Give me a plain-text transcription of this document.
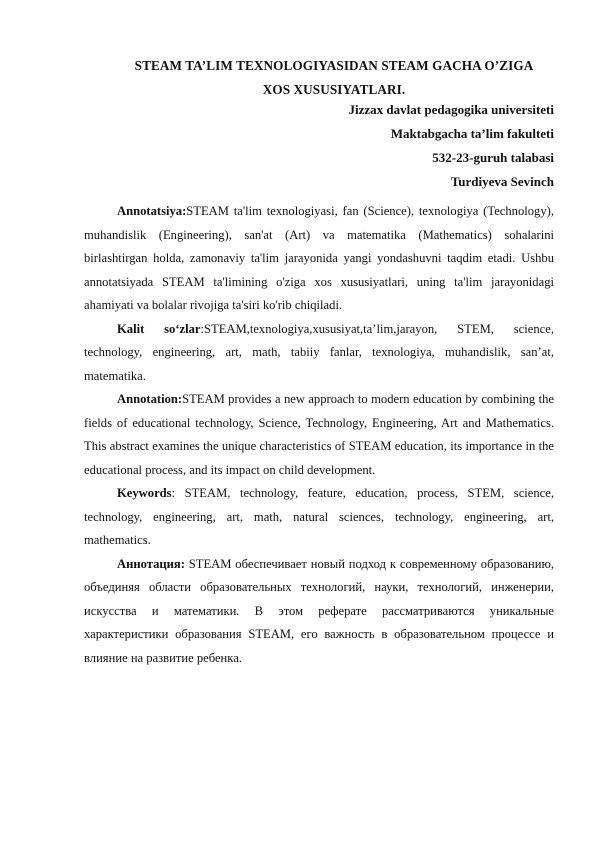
STEAM TA’LIM TEXNOLOGIYASIDAN STEAM GACHA O’ZIGA
XOS XUSUSIYATLARI.
Jizzax davlat pedagogika universiteti
Maktabgacha ta’lim fakulteti
532-23-guruh talabasi
Turdiyeva Sevinch

Annotatsiya:STEAM ta'lim texnologiyasi, fan (Science), texnologiya (Technology), muhandislik (Engineering), san'at (Art) va matematika (Mathematics) sohalarini birlashtirgan holda, zamonaviy ta'lim jarayonida yangi yondashuvni taqdim etadi. Ushbu annotatsiyada STEAM ta'limining o'ziga xos xususiyatlari, uning ta'lim jarayonidagi ahamiyati va bolalar rivojiga ta'siri ko'rib chiqiladi.

Kalit so‘zlar:STEAM,texnologiya,xususiyat,ta’lim,jarayon, STEM, science, technology, engineering, art, math, tabiiy fanlar, texnologiya, muhandislik, san’at, matematika.

Annotation:STEAM provides a new approach to modern education by combining the fields of educational technology, Science, Technology, Engineering, Art and Mathematics. This abstract examines the unique characteristics of STEAM education, its importance in the educational process, and its impact on child development.

Keywords: STEAM, technology, feature, education, process, STEM, science, technology, engineering, art, math, natural sciences, technology, engineering, art, mathematics.

Аннотация: STEAM обеспечивает новый подход к современному образованию, объединяя области образовательных технологий, науки, технологий, инженерии, искусства и математики. В этом реферате рассматриваются уникальные характеристики образования STEAM, его важность в образовательном процессе и влияние на развитие ребенка.
